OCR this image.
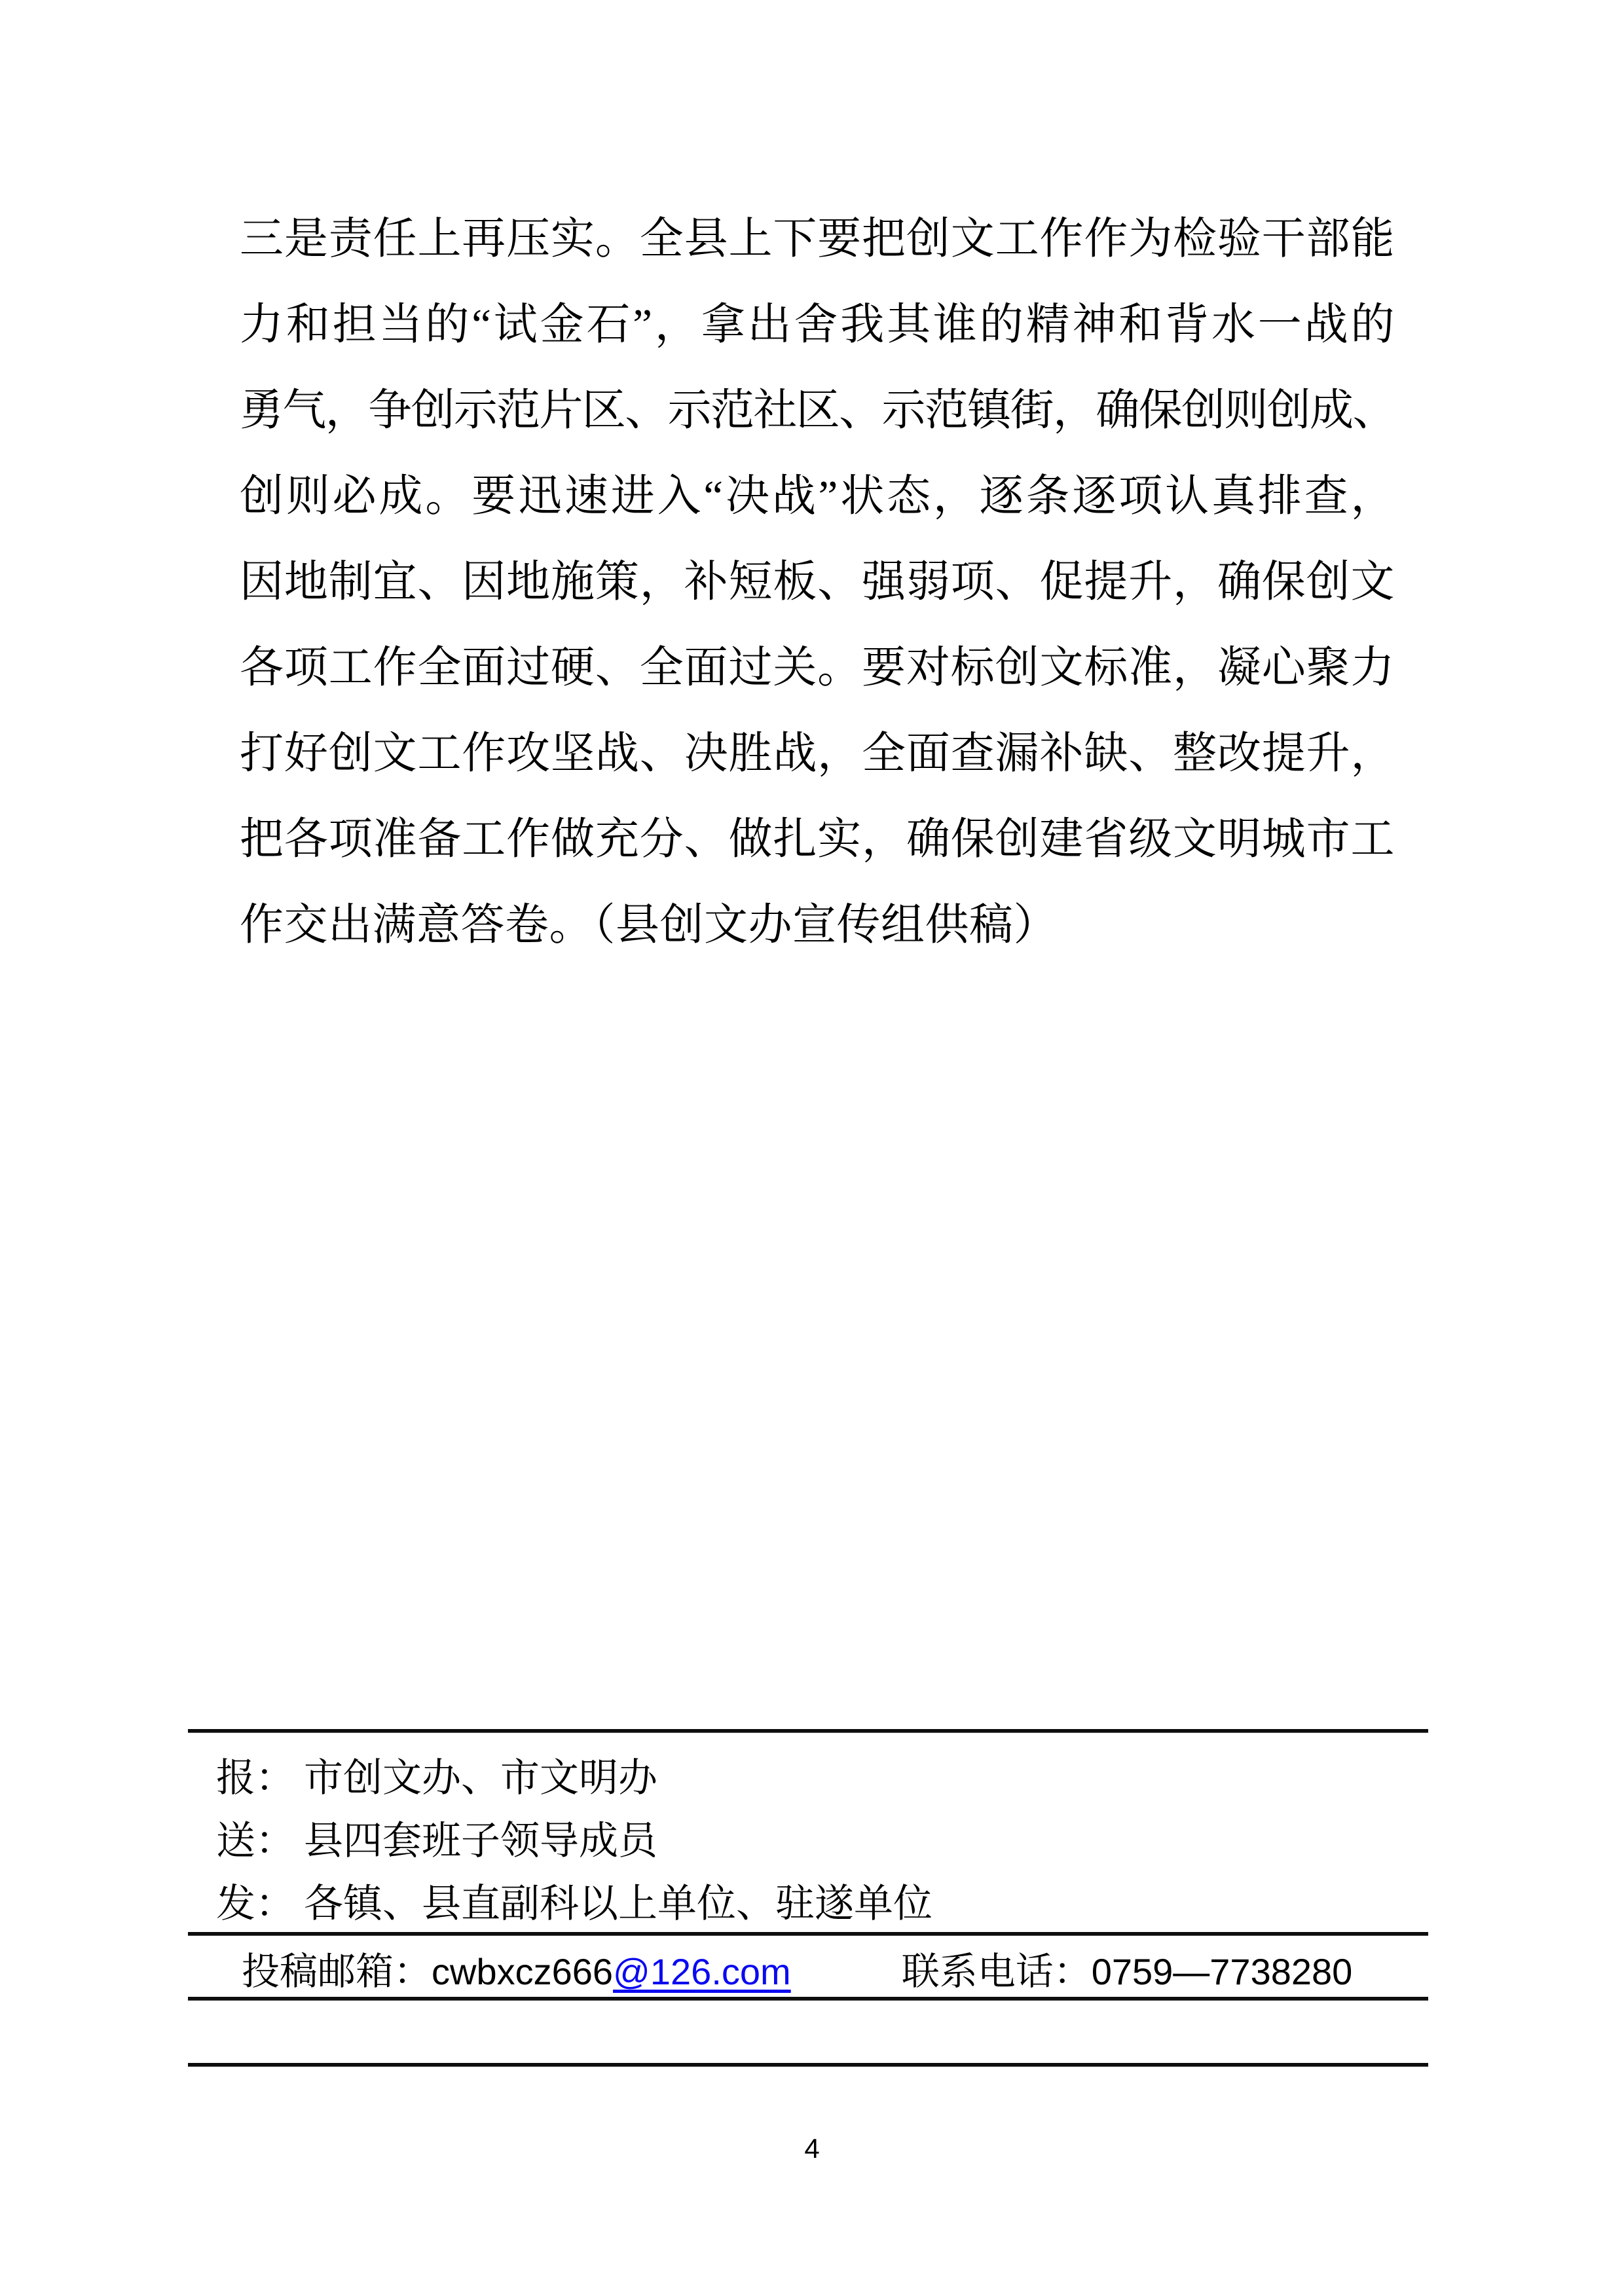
三是责任上再压实。全县上下要把创文工作作为检验干部能
力和担当的“试金石”，拿出舍我其谁的精神和背水一战的
勇气，争创示范片区、示范社区、示范镇街，确保创则创成、
创则必成。要迅速进入“决战”状态，逐条逐项认真排查，
因地制宜、因地施策，补短板、强弱项、促提升，确保创文
各项工作全面过硬、全面过关。要对标创文标准，凝心聚力
打好创文工作攻坚战、决胜战，全面查漏补缺、整改提升，
把各项准备工作做充分、做扎实，确保创建省级文明城市工
作交出满意答卷。（县创文办宣传组供稿）
报： 市创文办、市文明办
送： 县四套班子领导成员
发： 各镇、县直副科以上单位、驻遂单位
投稿邮箱：cwbxcz666@126.com	联系电话：0759—7738280
4
